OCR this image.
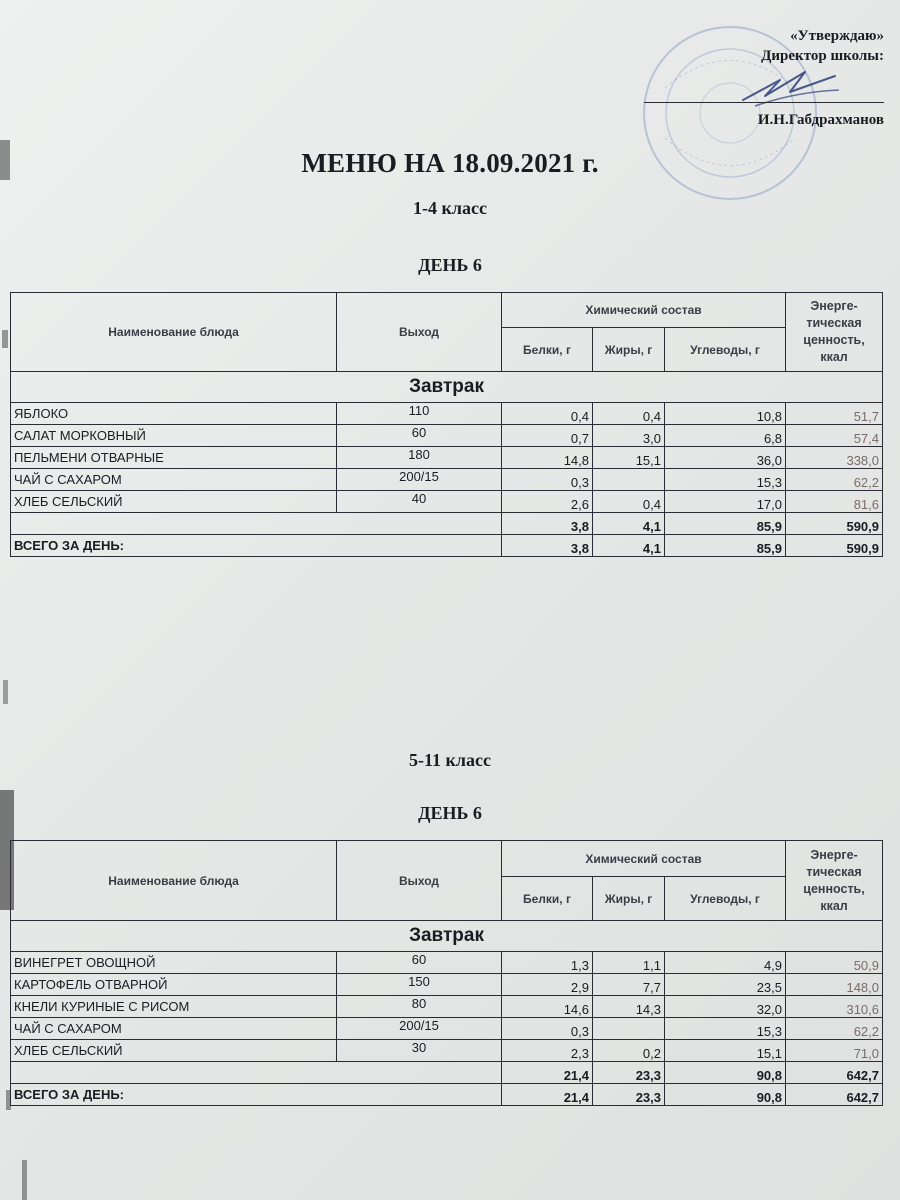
«Утверждаю»
Директор школы:
И.Н.Габдрахманов
МЕНЮ НА 18.09.2021 г.
1-4 класс
ДЕНЬ 6
Наименование блюда	Выход	Химический состав			Энерге-тическая ценность, ккал
		Белки, г	Жиры, г	Углеводы, г	
Завтрак					
ЯБЛОКО	110	0,4	0,4	10,8	51,7
САЛАТ МОРКОВНЫЙ	60	0,7	3,0	6,8	57,4
ПЕЛЬМЕНИ ОТВАРНЫЕ	180	14,8	15,1	36,0	338,0
ЧАЙ С САХАРОМ	200/15	0,3		15,3	62,2
ХЛЕБ СЕЛЬСКИЙ	40	2,6	0,4	17,0	81,6
		3,8	4,1	85,9	590,9
ВСЕГО ЗА ДЕНЬ:		3,8	4,1	85,9	590,9
5-11 класс
ДЕНЬ 6
Наименование блюда	Выход	Химический состав			Энерге-тическая ценность, ккал
		Белки, г	Жиры, г	Углеводы, г	
Завтрак					
ВИНЕГРЕТ ОВОЩНОЙ	60	1,3	1,1	4,9	50,9
КАРТОФЕЛЬ ОТВАРНОЙ	150	2,9	7,7	23,5	148,0
КНЕЛИ КУРИНЫЕ С РИСОМ	80	14,6	14,3	32,0	310,6
ЧАЙ С САХАРОМ	200/15	0,3		15,3	62,2
ХЛЕБ СЕЛЬСКИЙ	30	2,3	0,2	15,1	71,0
		21,4	23,3	90,8	642,7
ВСЕГО ЗА ДЕНЬ:		21,4	23,3	90,8	642,7
